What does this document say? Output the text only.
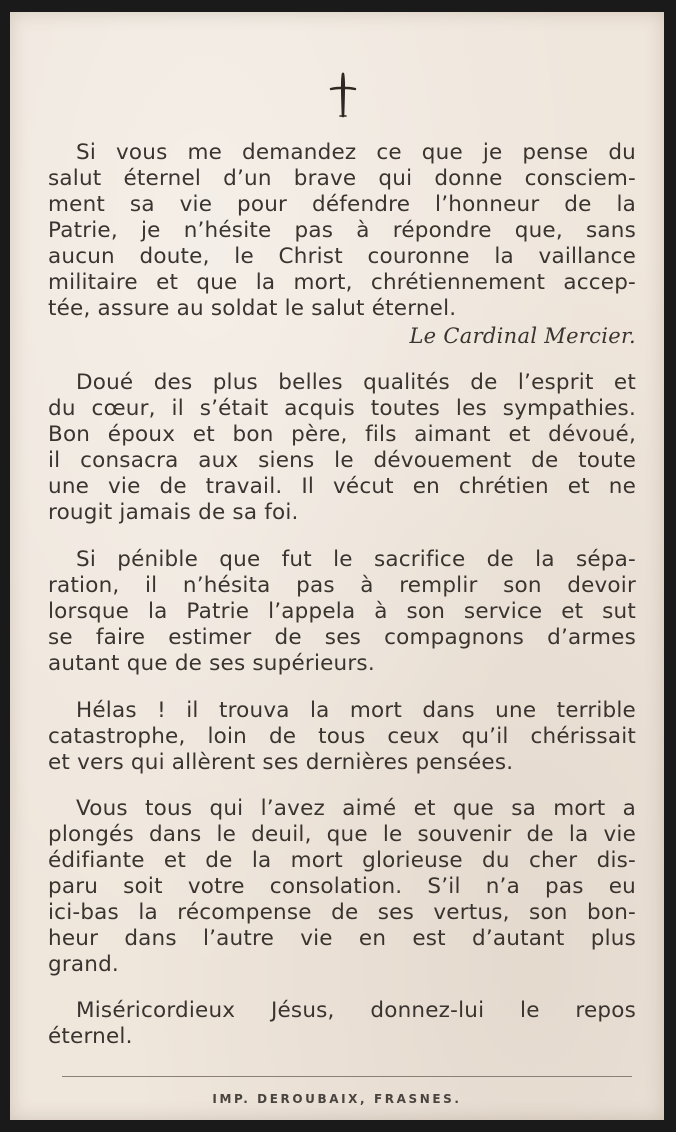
Si vous me demandez ce que je pense du
salut éternel d’un brave qui donne consciem-
ment sa vie pour défendre l’honneur de la
Patrie, je n’hésite pas à répondre que, sans
aucun doute, le Christ couronne la vaillance
militaire et que la mort, chrétiennement accep-
tée, assure au soldat le salut éternel.
Le Cardinal Mercier.
Doué des plus belles qualités de l’esprit et
du cœur, il s’était acquis toutes les sympathies.
Bon époux et bon père, fils aimant et dévoué,
il consacra aux siens le dévouement de toute
une vie de travail. Il vécut en chrétien et ne
rougit jamais de sa foi.
Si pénible que fut le sacrifice de la sépa-
ration, il n’hésita pas à remplir son devoir
lorsque la Patrie l’appela à son service et sut
se faire estimer de ses compagnons d’armes
autant que de ses supérieurs.
Hélas ! il trouva la mort dans une terrible
catastrophe, loin de tous ceux qu’il chérissait
et vers qui allèrent ses dernières pensées.
Vous tous qui l’avez aimé et que sa mort a
plongés dans le deuil, que le souvenir de la vie
édifiante et de la mort glorieuse du cher dis-
paru soit votre consolation. S’il n’a pas eu
ici-bas la récompense de ses vertus, son bon-
heur dans l’autre vie en est d’autant plus
grand.
Miséricordieux Jésus, donnez-lui le repos
éternel.
IMP. DEROUBAIX, FRASNES.
